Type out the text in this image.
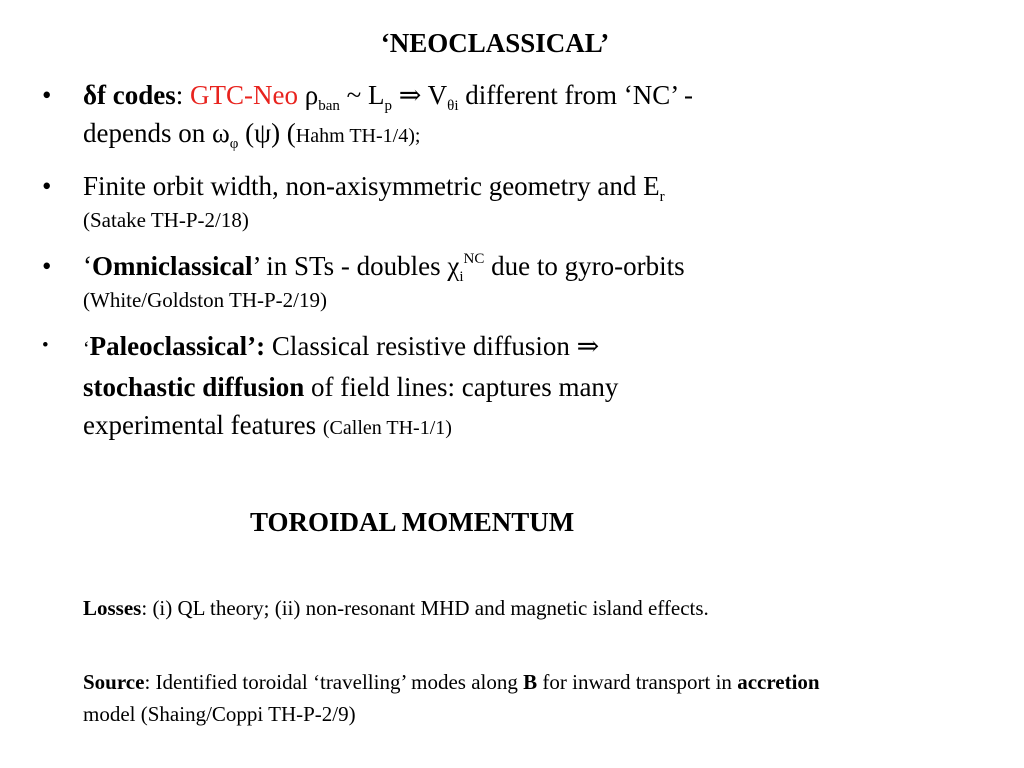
‘NEOCLASSICAL’
• δf codes: GTC-Neo $\rho_{ban}$ ~ $L_p$ ⇒ $V_{\theta i}$ different from ‘NC’ -
depends on $\omega_\varphi$ (ψ) (Hahm TH-1/4);
• Finite orbit width, non-axisymmetric geometry and $E_r$
(Satake TH-P-2/18)
• ‘Omniclassical’ in STs - doubles $\chi_i^{NC}$ due to gyro-orbits
(White/Goldston TH-P-2/19)
• ‘Paleoclassical’: Classical resistive diffusion ⇒
stochastic diffusion of field lines: captures many
experimental features (Callen TH-1/1)
TOROIDAL MOMENTUM
Losses: (i) QL theory; (ii) non-resonant MHD and magnetic island effects.
Source: Identified toroidal ‘travelling’ modes along B for inward transport in accretion model (Shaing/Coppi TH-P-2/9)
